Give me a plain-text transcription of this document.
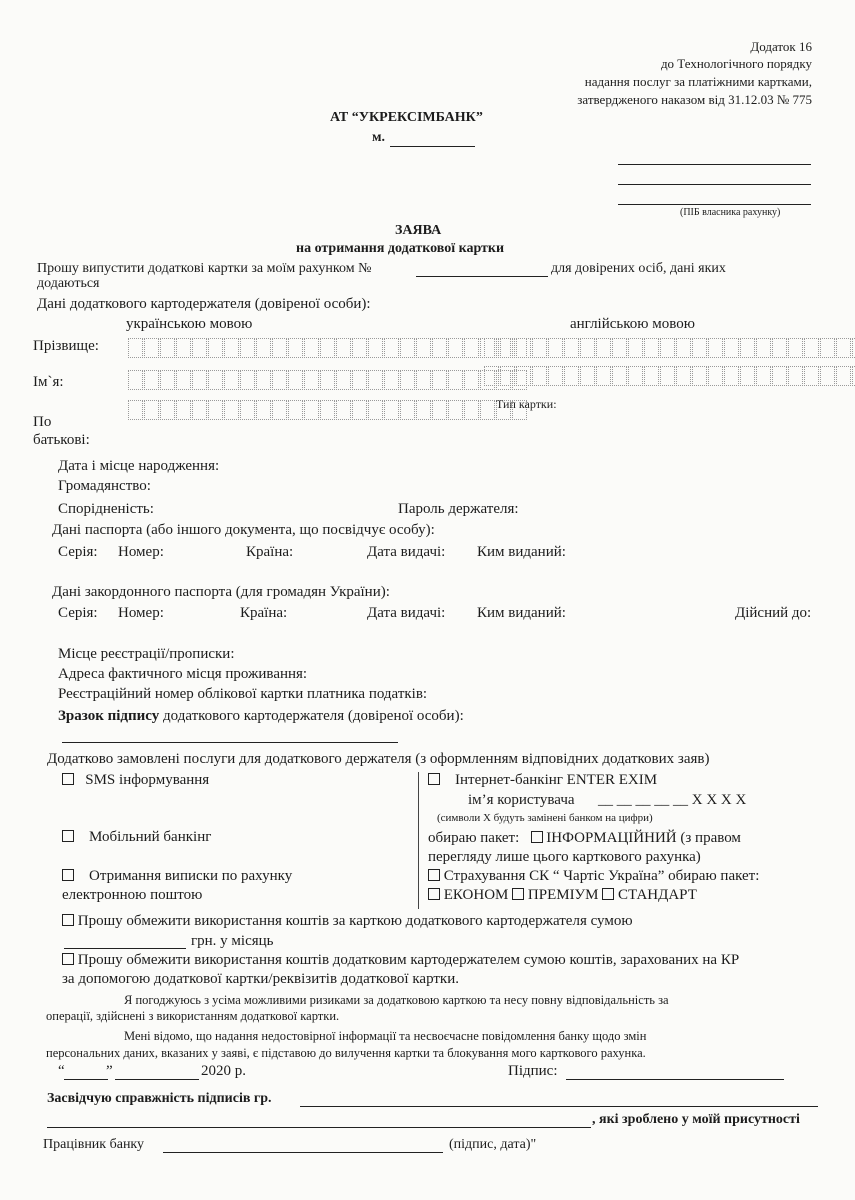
Додаток 16
до Технологічного порядку
надання послуг за платіжними картками,
затвердженого наказом від 31.12.03 № 775
АТ “УКРЕКСІМБАНК”
м.
(ПІБ власника рахунку)
ЗАЯВА
на отримання додаткової картки
Прошу випустити додаткові картки за моїм рахунком №	для довірених осіб, дані яких
додаються
Дані додаткового картодержателя (довіреної особи):
українською мовою	англійською мовою
Прізвище:
Ім`я:
По
батькові:
Тип картки:
Дата і місце народження:
Громадянство:
Спорідненість:	Пароль держателя:
Дані паспорта (або іншого документа, що посвідчує особу):
Серія: Номер:	Країна:	Дата видачі: Ким виданий:
Дані закордонного паспорта (для громадян України):
Серія: Номер:	Країна:	Дата видачі: Ким виданий:	Дійсний до:
Місце реєстрації/прописки:
Адреса фактичного місця проживання:
Реєстраційний номер облікової картки платника податків:
Зразок підпису додаткового картодержателя (довіреної особи):
Додатково замовлені послуги для додаткового держателя (з оформленням відповідних додаткових заяв)
SMS інформування
Мобільний банкінг
Отримання виписки по рахунку
електронною поштою
Інтернет-банкінг ENTER EXIM
ім’я користувача __ __ __ __ __ X X X X
(символи Х будуть замінені банком на цифри)
обираю пакет: ІНФОРМАЦІЙНИЙ (з правом
перегляду лише цього карткового рахунка)
Страхування СК “ Чартіс Україна” обираю пакет:
ЕКОНОМ ПРЕМІУМ СТАНДАРТ
Прошу обмежити використання коштів за карткою додаткового картодержателя сумою
грн. у місяць
Прошу обмежити використання коштів додатковим картодержателем сумою коштів, зарахованих на КР
за допомогою додаткової картки/реквізитів додаткової картки.
Я погоджуюсь з усіма можливими ризиками за додатковою карткою та несу повну відповідальність за
операції, здійснені з використанням додаткової картки.
Мені відомо, що надання недостовірної інформації та несвоєчасне повідомлення банку щодо змін
персональних даних, вказаних у заяві, є підставою до вилучення картки та блокування мого карткового рахунка.
“	”	2020 р.	Підпис:
Засвідчую справжність підписів гр.
, які зроблено у моїй присутності
Працівник банку	(підпис, дата)"
